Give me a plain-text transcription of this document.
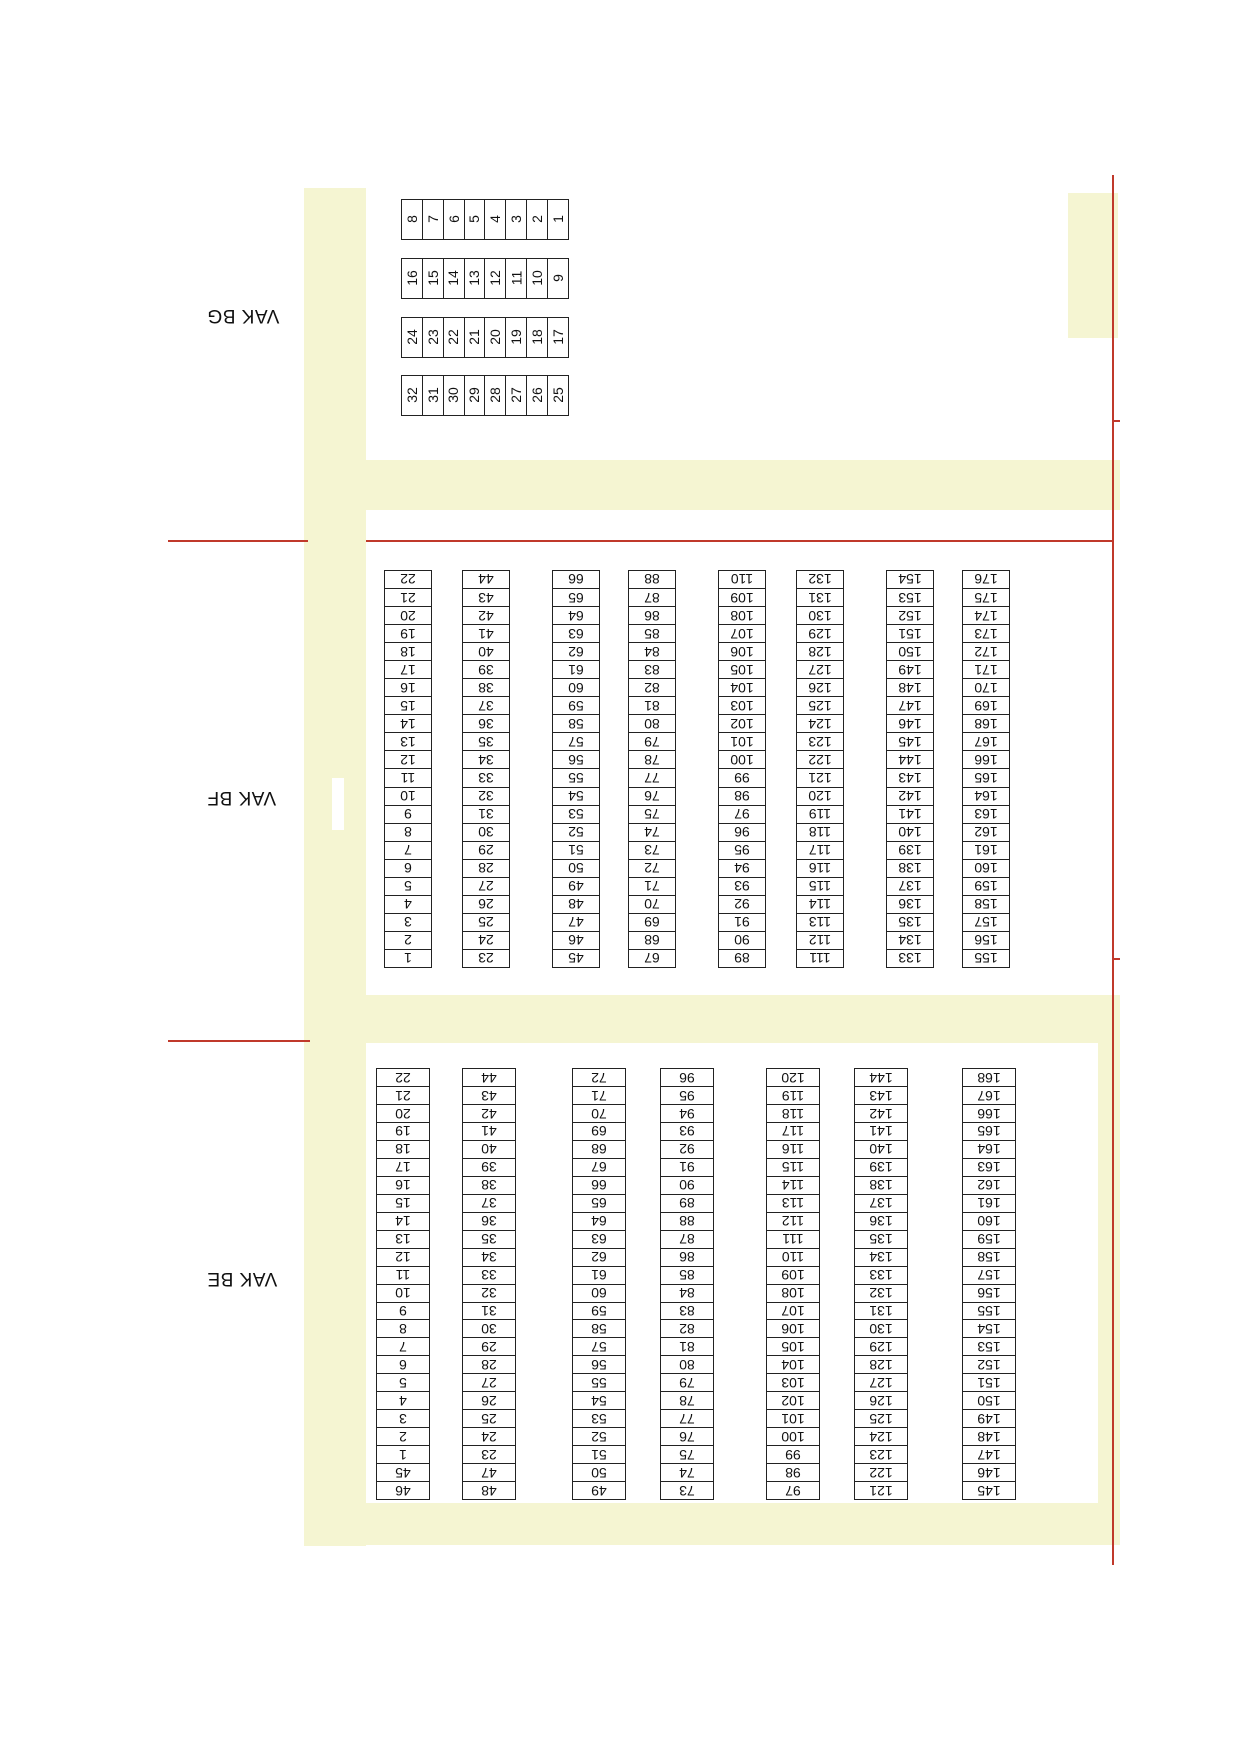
VAK BG
VAK BF
VAK BE
1
2
3
4
5
6
7
8
9
10
11
12
13
14
15
16
17
18
19
20
21
22
23
24
25
26
27
28
29
30
31
32
1
2
3
4
5
6
7
8
9
10
11
12
13
14
15
16
17
18
19
20
21
22
23
24
25
26
27
28
29
30
31
32
33
34
35
36
37
38
39
40
41
42
43
44
45
46
47
48
49
50
51
52
53
54
55
56
57
58
59
60
61
62
63
64
65
66
67
68
69
70
71
72
73
74
75
76
77
78
79
80
81
82
83
84
85
86
87
88
89
90
91
92
93
94
95
96
97
98
99
100
101
102
103
104
105
106
107
108
109
110
111
112
113
114
115
116
117
118
119
120
121
122
123
124
125
126
127
128
129
130
131
132
133
134
135
136
137
138
139
140
141
142
143
144
145
146
147
148
149
150
151
152
153
154
155
156
157
158
159
160
161
162
163
164
165
166
167
168
169
170
171
172
173
174
175
176
46
45
1
2
3
4
5
6
7
8
9
10
11
12
13
14
15
16
17
18
19
20
21
22
48
47
23
24
25
26
27
28
29
30
31
32
33
34
35
36
37
38
39
40
41
42
43
44
49
50
51
52
53
54
55
56
57
58
59
60
61
62
63
64
65
66
67
68
69
70
71
72
73
74
75
76
77
78
79
80
81
82
83
84
85
86
87
88
89
90
91
92
93
94
95
96
97
98
99
100
101
102
103
104
105
106
107
108
109
110
111
112
113
114
115
116
117
118
119
120
121
122
123
124
125
126
127
128
129
130
131
132
133
134
135
136
137
138
139
140
141
142
143
144
145
146
147
148
149
150
151
152
153
154
155
156
157
158
159
160
161
162
163
164
165
166
167
168
